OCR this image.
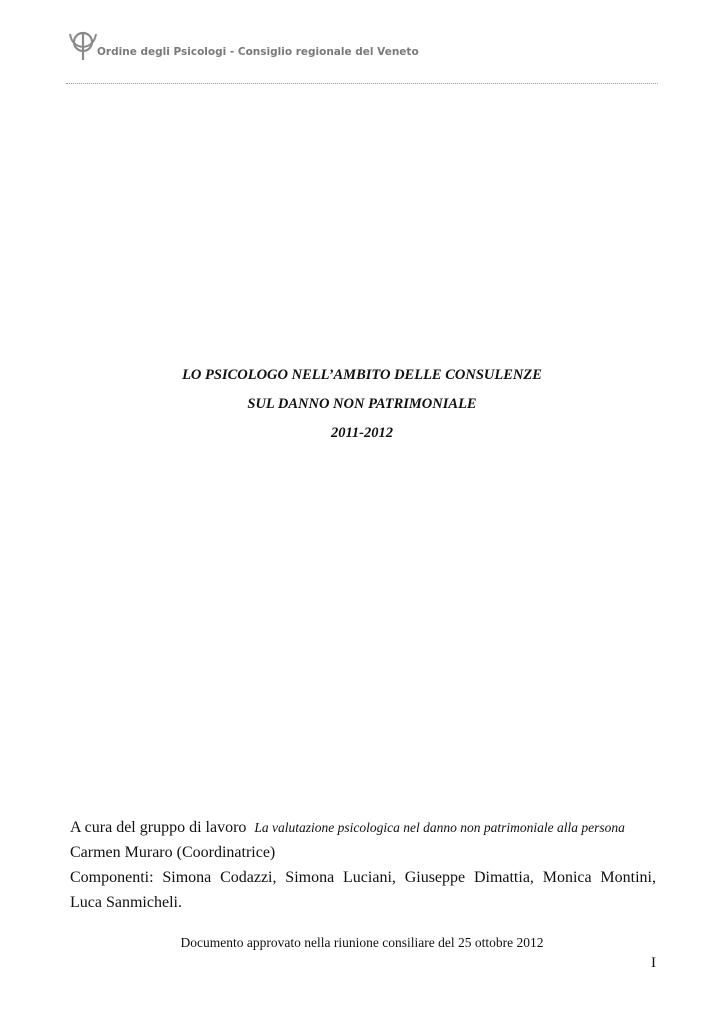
Ordine degli Psicologi - Consiglio regionale del Veneto
LO PSICOLOGO NELL’AMBITO DELLE CONSULENZE
SUL DANNO NON PATRIMONIALE
2011-2012
A cura del gruppo di lavoro La valutazione psicologica nel danno non patrimoniale alla persona
Carmen Muraro (Coordinatrice)
Componenti: Simona Codazzi, Simona Luciani, Giuseppe Dimattia, Monica Montini,
Luca Sanmicheli.
Documento approvato nella riunione consiliare del 25 ottobre 2012
I
